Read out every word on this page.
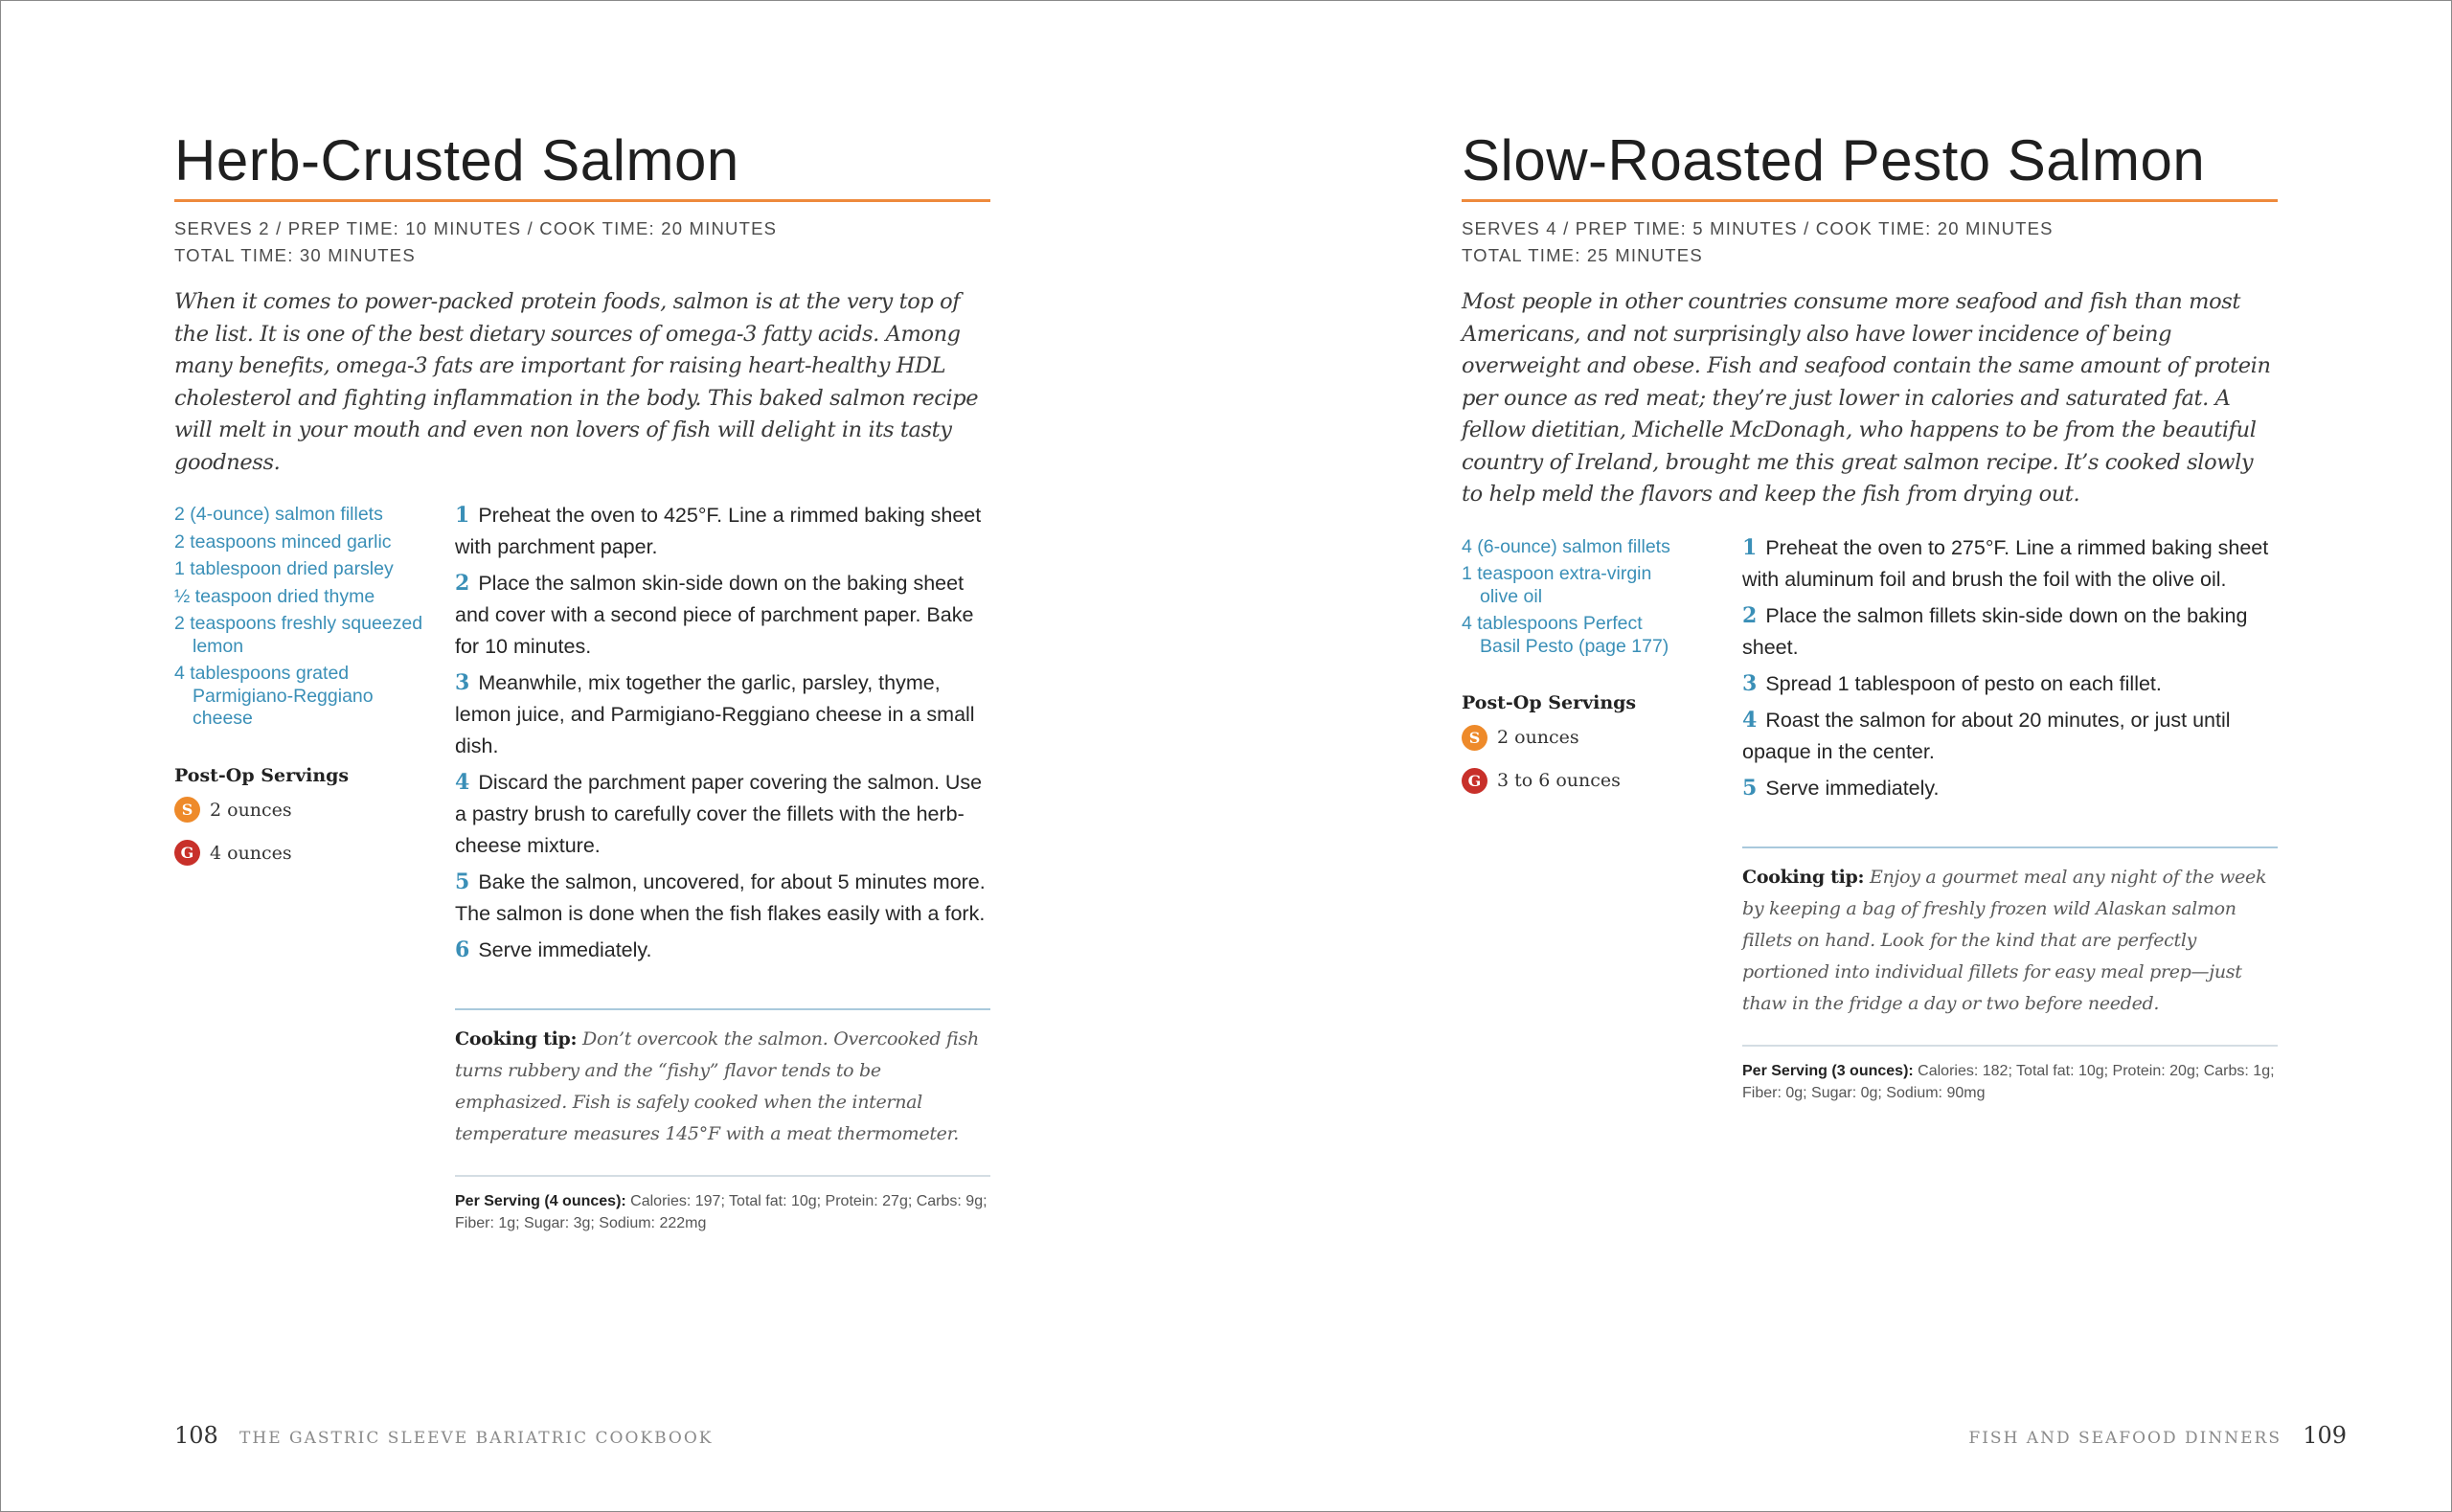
Herb-Crusted Salmon
SERVES 2 / PREP TIME: 10 MINUTES / COOK TIME: 20 MINUTES
TOTAL TIME: 30 MINUTES
When it comes to power-packed protein foods, salmon is at the very top of the list. It is one of the best dietary sources of omega-3 fatty acids. Among many benefits, omega-3 fats are important for raising heart-healthy HDL cholesterol and fighting inflammation in the body. This baked salmon recipe will melt in your mouth and even non lovers of fish will delight in its tasty goodness.
2 (4-ounce) salmon fillets
2 teaspoons minced garlic
1 tablespoon dried parsley
½ teaspoon dried thyme
2 teaspoons freshly squeezed lemon
4 tablespoons grated Parmigiano-Reggiano cheese
Post-Op Servings
S 2 ounces
G 4 ounces
1 Preheat the oven to 425°F. Line a rimmed baking sheet with parchment paper.
2 Place the salmon skin-side down on the baking sheet and cover with a second piece of parchment paper. Bake for 10 minutes.
3 Meanwhile, mix together the garlic, parsley, thyme, lemon juice, and Parmigiano-Reggiano cheese in a small dish.
4 Discard the parchment paper covering the salmon. Use a pastry brush to carefully cover the fillets with the herb-cheese mixture.
5 Bake the salmon, uncovered, for about 5 minutes more. The salmon is done when the fish flakes easily with a fork.
6 Serve immediately.
Cooking tip: Don’t overcook the salmon. Overcooked fish turns rubbery and the “fishy” flavor tends to be emphasized. Fish is safely cooked when the internal temperature measures 145°F with a meat thermometer.
Per Serving (4 ounces): Calories: 197; Total fat: 10g; Protein: 27g; Carbs: 9g; Fiber: 1g; Sugar: 3g; Sodium: 222mg
Slow-Roasted Pesto Salmon
SERVES 4 / PREP TIME: 5 MINUTES / COOK TIME: 20 MINUTES
TOTAL TIME: 25 MINUTES
Most people in other countries consume more seafood and fish than most Americans, and not surprisingly also have lower incidence of being overweight and obese. Fish and seafood contain the same amount of protein per ounce as red meat; they’re just lower in calories and saturated fat. A fellow dietitian, Michelle McDonagh, who happens to be from the beautiful country of Ireland, brought me this great salmon recipe. It’s cooked slowly to help meld the flavors and keep the fish from drying out.
4 (6-ounce) salmon fillets
1 teaspoon extra-virgin olive oil
4 tablespoons Perfect Basil Pesto (page 177)
Post-Op Servings
S 2 ounces
G 3 to 6 ounces
1 Preheat the oven to 275°F. Line a rimmed baking sheet with aluminum foil and brush the foil with the olive oil.
2 Place the salmon fillets skin-side down on the baking sheet.
3 Spread 1 tablespoon of pesto on each fillet.
4 Roast the salmon for about 20 minutes, or just until opaque in the center.
5 Serve immediately.
Cooking tip: Enjoy a gourmet meal any night of the week by keeping a bag of freshly frozen wild Alaskan salmon fillets on hand. Look for the kind that are perfectly portioned into individual fillets for easy meal prep—just thaw in the fridge a day or two before needed.
Per Serving (3 ounces): Calories: 182; Total fat: 10g; Protein: 20g; Carbs: 1g; Fiber: 0g; Sugar: 0g; Sodium: 90mg
108 THE GASTRIC SLEEVE BARIATRIC COOKBOOK	FISH AND SEAFOOD DINNERS 109
